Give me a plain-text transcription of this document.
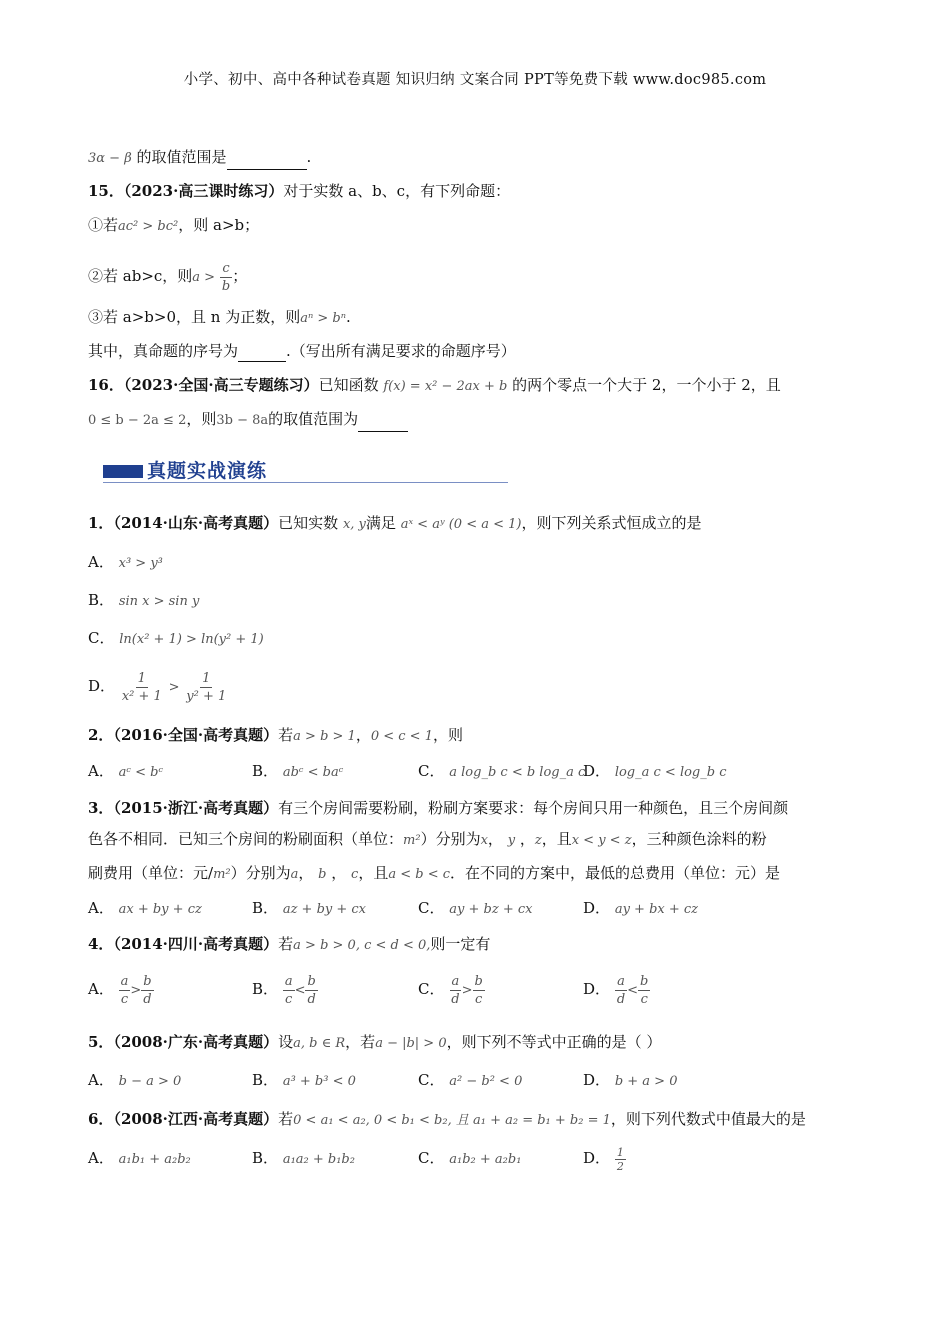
小学、初中、高中各种试卷真题 知识归纳 文案合同 PPT等免费下载 www.doc985.com
3α − β 的取值范围是	.
15．（2023·高三课时练习）对于实数 a、b、c，有下列命题：
①若ac² > bc²，则 a>b；
②若 ab>c，则$a > \frac{c}{b}$ ；
③若 a>b>0，且 n 为正数，则aⁿ > bⁿ.
其中，真命题的序号为	.（写出所有满足要求的命题序号）
16．（2023·全国·高三专题练习）已知函数 f(x) = x² − 2ax + b 的两个零点一个大于 2，一个小于 2，且
0 ≤ b − 2a ≤ 2，则3b − 8a的取值范围为
真题实战演练
1．（2014·山东·高考真题）已知实数 x, y满足 aˣ < aʸ (0 < a < 1)，则下列关系式恒成立的是
A． x³ > y³
B． sin x > sin y
C． ln(x² + 1) > ln(y² + 1)
D． $\frac{1}{\text{x² + 1}} > \frac{1}{\text{y² + 1}}$
2．（2016·全国·高考真题）若a > b > 1，0 < c < 1，则
A． aᶜ < bᶜ	B． abᶜ < baᶜ	C． a log_b c < b log_a c
D． log_a c < log_b c
3．（2015·浙江·高考真题）有三个房间需要粉刷，粉刷方案要求：每个房间只用一种颜色，且三个房间颜
色各不相同．已知三个房间的粉刷面积（单位：m²）分别为x， y ，z，且x < y < z，三种颜色涂料的粉
刷费用（单位：元/m²）分别为a， b ， c，且a < b < c．在不同的方案中，最低的总费用（单位：元）是
A． ax + by + cz	B． az + by + cx	C． ay + bz + cx	D． ay + bx + cz
4．（2014·四川·高考真题）若a > b > 0, c < d < 0,则一定有
A． $\frac{a}{c} > \frac{b}{d}$	B． $\frac{a}{c} < \frac{b}{d}$	C． $\frac{a}{d} > \frac{b}{c}$	D． $\frac{a}{d} < \frac{b}{c}$
5．（2008·广东·高考真题）设a, b ∈ R，若a − |b| > 0，则下列不等式中正确的是（ ）
A． b − a > 0	B． a³ + b³ < 0	C． a² − b² < 0	D． b + a > 0
6．（2008·江西·高考真题）若0 < a₁ < a₂, 0 < b₁ < b₂, 且 a₁ + a₂ = b₁ + b₂ = 1，则下列代数式中值最大的是
A． a₁b₁ + a₂b₂	B． a₁a₂ + b₁b₂	C． a₁b₂ + a₂b₁	D． $\frac{1}{2}$
